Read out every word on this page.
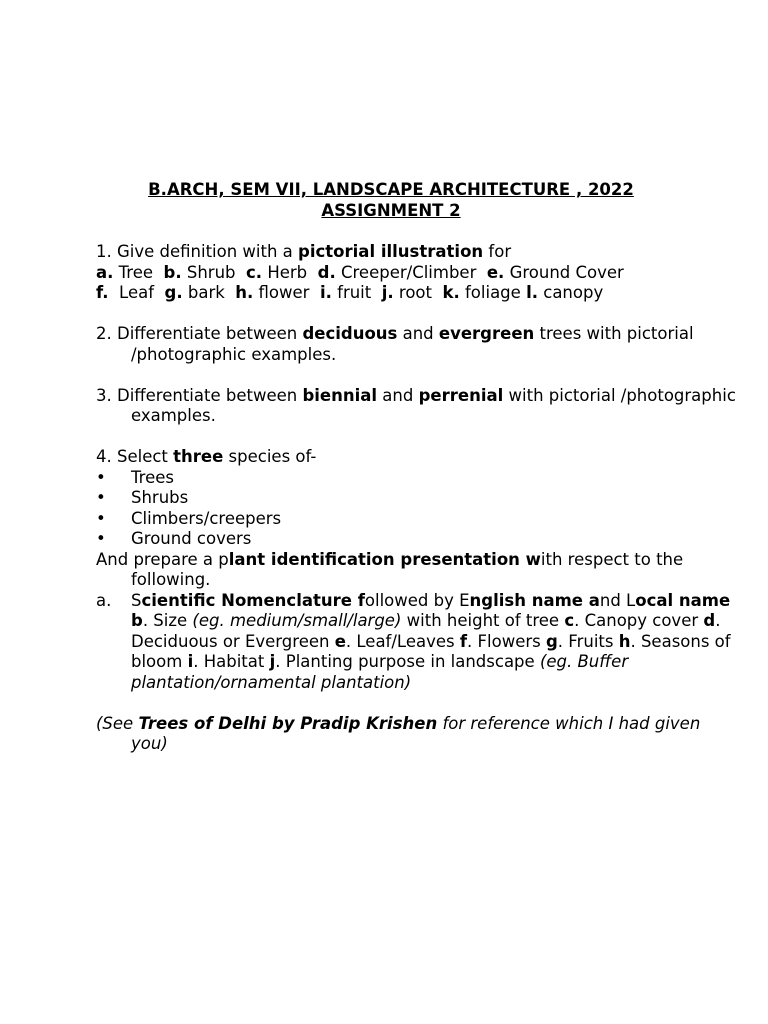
B.ARCH, SEM VII, LANDSCAPE ARCHITECTURE , 2022
ASSIGNMENT 2
1. Give definition with a pictorial illustration for
a. Tree  b. Shrub  c. Herb  d. Creeper/Climber  e. Ground Cover
f.  Leaf  g. bark  h. flower  i. fruit  j. root  k. foliage l. canopy
2. Differentiate between deciduous and evergreen trees with pictorial /photographic examples.
3. Differentiate between biennial and perrenial with pictorial /photographic examples.
4. Select three species of-
•	Trees
•	Shrubs
•	Climbers/creepers
•	Ground covers
And prepare a plant identification presentation with respect to the following.
a.	Scientific Nomenclature followed by English name and Local name b. Size (eg. medium/small/large) with height of tree c. Canopy cover d. Deciduous or Evergreen e. Leaf/Leaves f. Flowers g. Fruits h. Seasons of bloom i. Habitat j. Planting purpose in landscape (eg. Buffer plantation/ornamental plantation)
(See Trees of Delhi by Pradip Krishen for reference which I had given you)
